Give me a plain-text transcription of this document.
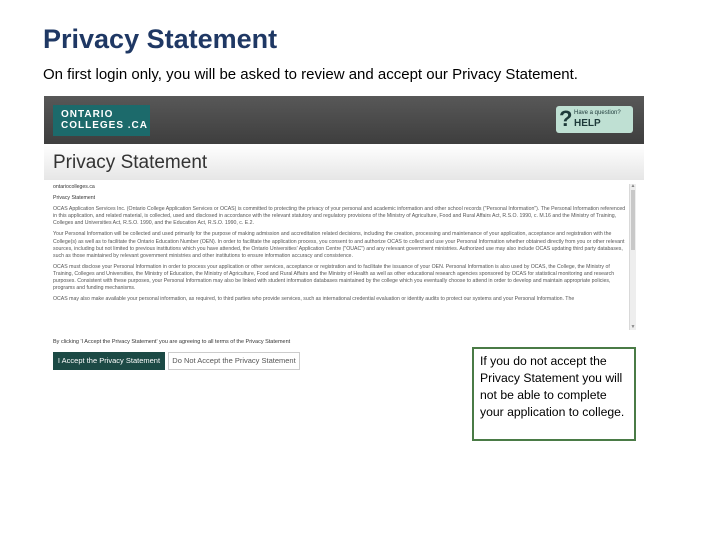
Privacy Statement
On first login only, you will be asked to review and accept our Privacy Statement.
ONTARIO
COLLEGES .CA	? Have a question?
HELP
Privacy Statement

ontariocolleges.ca

Privacy Statement

OCAS Application Services Inc. (Ontario College Application Services or OCAS) is committed to protecting the privacy of your personal and academic information and other school records ("Personal Information"). The Personal Information referenced in this application, and related material, is collected, used and disclosed in accordance with the relevant statutory and regulatory provisions of the Ministry of Agriculture, Food and Rural Affairs Act, R.S.O. 1990, c. M.16 and the Ministry of Training, Colleges and Universities Act, R.S.O. 1990, and the Education Act, R.S.O. 1990, c. E.2.

Your Personal Information will be collected and used primarily for the purpose of making admission and accreditation related decisions, including the creation, processing and maintenance of your application, acceptance and registration with the College(s) as well as to facilitate the Ontario Education Number (OEN). In order to facilitate the application process, you consent to and authorize OCAS to collect and use your Personal Information whether obtained directly from you or other relevant sources, including but not limited to previous institutions which you have attended, the Ontario Universities' Application Centre ("OUAC") and any relevant government ministries. Authorized use may also include OCAS updating third party databases, such as those maintained by relevant government ministries and other institutions to ensure information accuracy and consistence.

OCAS must disclose your Personal Information in order to process your application or other services, acceptance or registration and to facilitate the issuance of your OEN. Personal Information is also used by OCAS, the College, the Ministry of Training, Colleges and Universities, the Ministry of Education, the Ministry of Agriculture, Food and Rural Affairs and the Ministry of Health as well as other educational research agencies sponsored by OCAS for statistical monitoring and research purposes. Consistent with these purposes, your Personal Information may also be linked with student information databases maintained by the college which you eventually choose to attend in order to develop and maintain appropriate policies, programs and funding mechanisms.

OCAS may also make available your personal information, as required, to third parties who provide services, such as international credential evaluation or identity audits to protect our systems and your Personal Information. The

▲
▼
By clicking 'I Accept the Privacy Statement' you are agreeing to all terms of the Privacy Statement
I Accept the Privacy Statement	Do Not Accept the Privacy Statement	If you do not accept the Privacy Statement you will not be able to complete your application to college.
